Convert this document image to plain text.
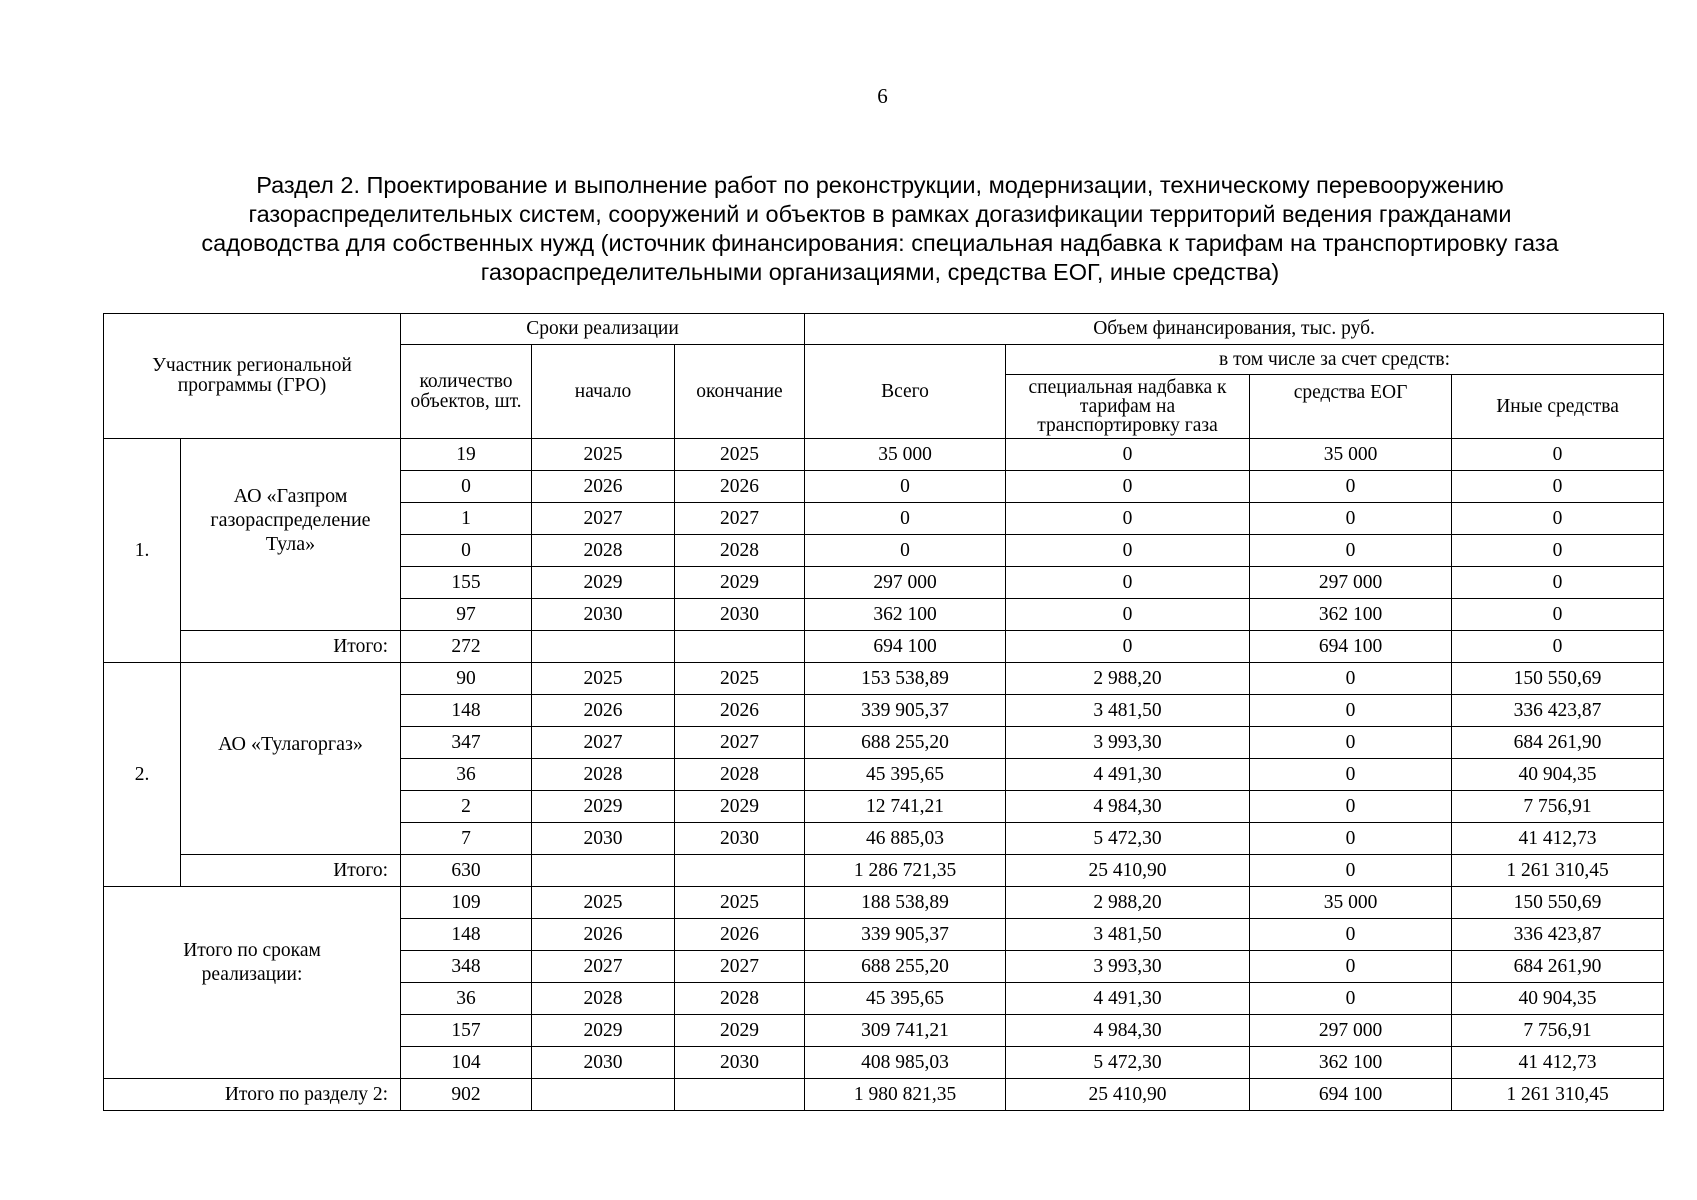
6
Раздел 2. Проектирование и выполнение работ по реконструкции, модернизации, техническому перевооружению
газораспределительных систем, сооружений и объектов в рамках догазификации территорий ведения гражданами
садоводства для собственных нужд (источник финансирования: специальная надбавка к тарифам на транспортировку газа
газораспределительными организациями, средства ЕОГ, иные средства)
Участник региональной программы (ГРО)		Сроки реализации			Объем финансирования, тыс. руб.			
		количество объектов, шт.	начало	окончание	Всего	в том числе за счет средств:		
						специальная надбавка к тарифам на транспортировку газа	средства ЕОГ	Иные средства
1.	АО «Газпром газораспределение Тула»	19	2025	2025	35 000	0	35 000	0
		0	2026	2026	0	0	0	0
		1	2027	2027	0	0	0	0
		0	2028	2028	0	0	0	0
		155	2029	2029	297 000	0	297 000	0
		97	2030	2030	362 100	0	362 100	0
	Итого:	272			694 100	0	694 100	0
2.	АО «Тулагоргаз»	90	2025	2025	153 538,89	2 988,20	0	150 550,69
		148	2026	2026	339 905,37	3 481,50	0	336 423,87
		347	2027	2027	688 255,20	3 993,30	0	684 261,90
		36	2028	2028	45 395,65	4 491,30	0	40 904,35
		2	2029	2029	12 741,21	4 984,30	0	7 756,91
		7	2030	2030	46 885,03	5 472,30	0	41 412,73
	Итого:	630			1 286 721,35	25 410,90	0	1 261 310,45
Итого по срокам реализации:		109	2025	2025	188 538,89	2 988,20	35 000	150 550,69
		148	2026	2026	339 905,37	3 481,50	0	336 423,87
		348	2027	2027	688 255,20	3 993,30	0	684 261,90
		36	2028	2028	45 395,65	4 491,30	0	40 904,35
		157	2029	2029	309 741,21	4 984,30	297 000	7 756,91
		104	2030	2030	408 985,03	5 472,30	362 100	41 412,73
Итого по разделу 2:		902			1 980 821,35	25 410,90	694 100	1 261 310,45
